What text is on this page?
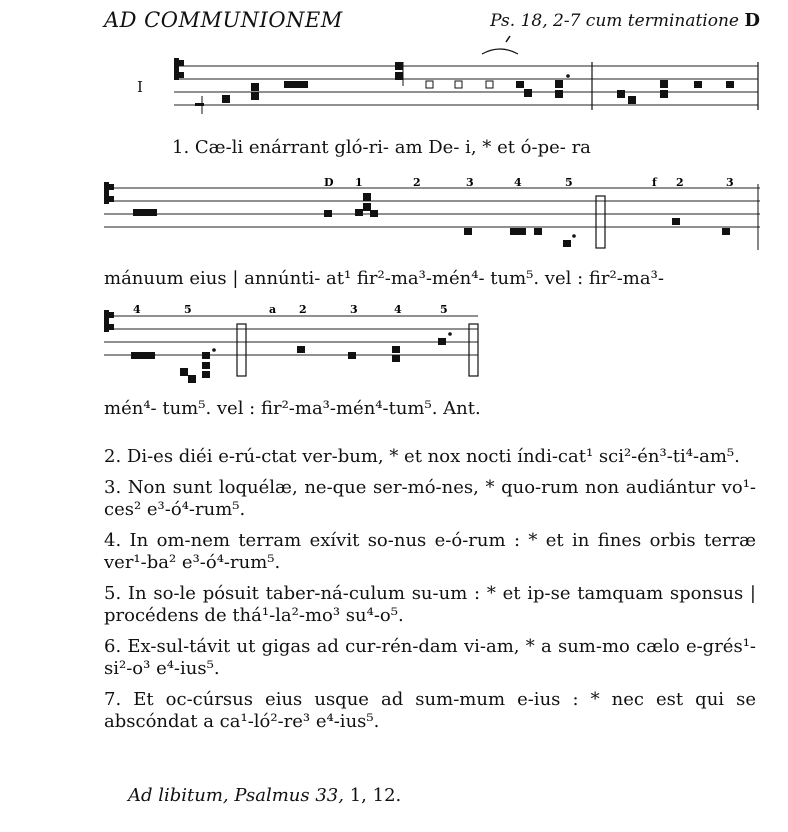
AD COMMUNIONEM	Ps. 18, 2-7 cum terminatione D
I
D 1	2	3	4	5	f 2	3
4	5	a 2	3	4	5
1. Cæ-li enárrant gló-ri- am De- i, * et ó-pe- ra
mánuum eius | annúnti- at¹ fir²-ma³-mén⁴- tum⁵. vel : fir²-ma³-
mén⁴- tum⁵. vel : fir²-ma³-mén⁴-tum⁵. Ant.
2. Di-es diéi e-rú-ctat ver-bum, * et nox nocti índi-cat¹ sci²-én³-ti⁴-am⁵.
3. Non sunt loquélæ, ne-que ser-mó-nes, * quo-rum non audiántur vo¹-ces² e³-ó⁴-rum⁵.
4. In om-nem terram exívit so-nus e-ó-rum : * et in fines orbis terræ ver¹-ba² e³-ó⁴-rum⁵.
5. In so-le pósuit taber-ná-culum su-um : * et ip-se tamquam sponsus | procédens de thá¹-la²-mo³ su⁴-o⁵.
6. Ex-sul-távit ut gigas ad cur-rén-dam vi-am, * a sum-mo cælo e-grés¹-si²-o³ e⁴-ius⁵.
7. Et oc-cúrsus eius usque ad sum-mum e-ius : * nec est qui se abscóndat a ca¹-ló²-re³ e⁴-ius⁵.
Ad libitum, Psalmus 33, 1, 12.
